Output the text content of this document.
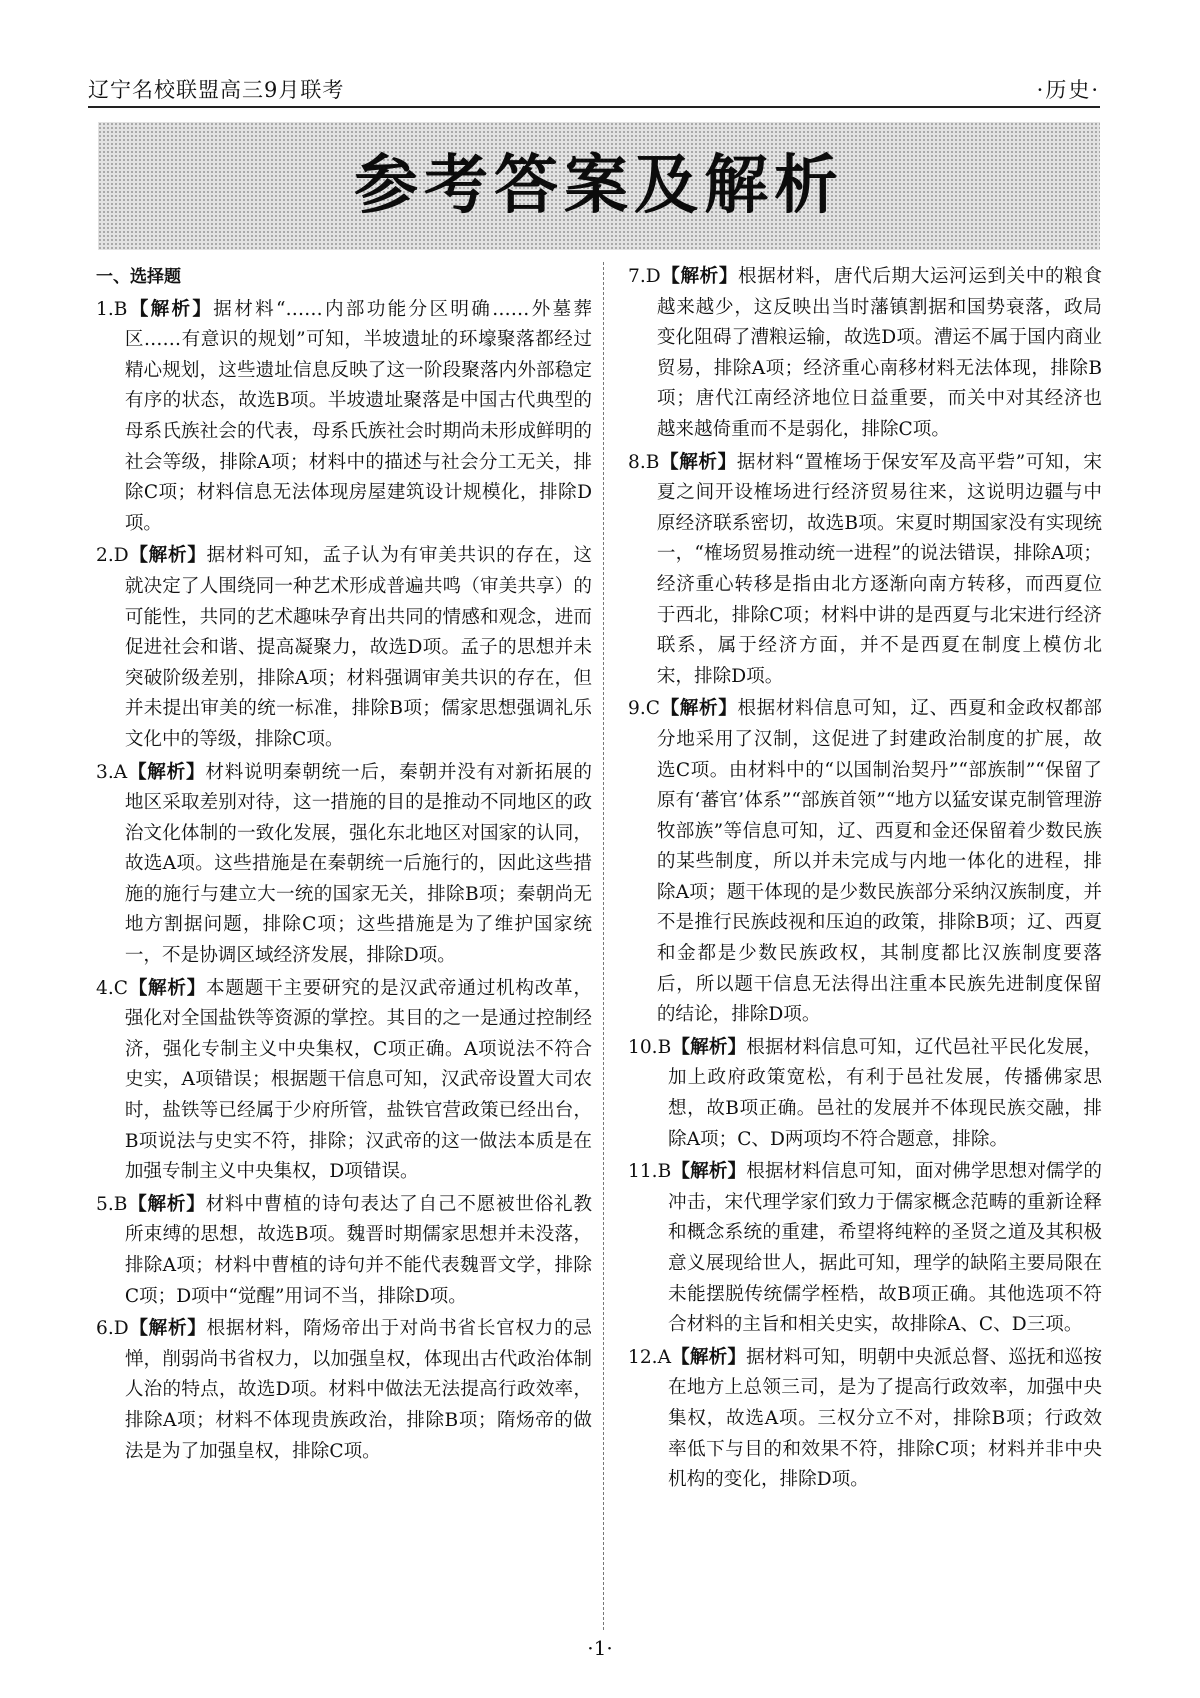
辽宁名校联盟高三9月联考	·历史·
参考答案及解析
一、选择题
1.B【解析】据材料“……内部功能分区明确……外墓葬区……有意识的规划”可知，半坡遗址的环壕聚落都经过精心规划，这些遗址信息反映了这一阶段聚落内外部稳定有序的状态，故选B项。半坡遗址聚落是中国古代典型的母系氏族社会的代表，母系氏族社会时期尚未形成鲜明的社会等级，排除A项；材料中的描述与社会分工无关，排除C项；材料信息无法体现房屋建筑设计规模化，排除D项。
2.D【解析】据材料可知，孟子认为有审美共识的存在，这就决定了人围绕同一种艺术形成普遍共鸣（审美共享）的可能性，共同的艺术趣味孕育出共同的情感和观念，进而促进社会和谐、提高凝聚力，故选D项。孟子的思想并未突破阶级差别，排除A项；材料强调审美共识的存在，但并未提出审美的统一标准，排除B项；儒家思想强调礼乐文化中的等级，排除C项。
3.A【解析】材料说明秦朝统一后，秦朝并没有对新拓展的地区采取差别对待，这一措施的目的是推动不同地区的政治文化体制的一致化发展，强化东北地区对国家的认同，故选A项。这些措施是在秦朝统一后施行的，因此这些措施的施行与建立大一统的国家无关，排除B项；秦朝尚无地方割据问题，排除C项；这些措施是为了维护国家统一，不是协调区域经济发展，排除D项。
4.C【解析】本题题干主要研究的是汉武帝通过机构改革，强化对全国盐铁等资源的掌控。其目的之一是通过控制经济，强化专制主义中央集权，C项正确。A项说法不符合史实，A项错误；根据题干信息可知，汉武帝设置大司农时，盐铁等已经属于少府所管，盐铁官营政策已经出台，B项说法与史实不符，排除；汉武帝的这一做法本质是在加强专制主义中央集权，D项错误。
5.B【解析】材料中曹植的诗句表达了自己不愿被世俗礼教所束缚的思想，故选B项。魏晋时期儒家思想并未没落，排除A项；材料中曹植的诗句并不能代表魏晋文学，排除C项；D项中“觉醒”用词不当，排除D项。
6.D【解析】根据材料，隋炀帝出于对尚书省长官权力的忌惮，削弱尚书省权力，以加强皇权，体现出古代政治体制人治的特点，故选D项。材料中做法无法提高行政效率，排除A项；材料不体现贵族政治，排除B项；隋炀帝的做法是为了加强皇权，排除C项。
7.D【解析】根据材料，唐代后期大运河运到关中的粮食越来越少，这反映出当时藩镇割据和国势衰落，政局变化阻碍了漕粮运输，故选D项。漕运不属于国内商业贸易，排除A项；经济重心南移材料无法体现，排除B项；唐代江南经济地位日益重要，而关中对其经济也越来越倚重而不是弱化，排除C项。
8.B【解析】据材料“置榷场于保安军及高平砦”可知，宋夏之间开设榷场进行经济贸易往来，这说明边疆与中原经济联系密切，故选B项。宋夏时期国家没有实现统一，“榷场贸易推动统一进程”的说法错误，排除A项；经济重心转移是指由北方逐渐向南方转移，而西夏位于西北，排除C项；材料中讲的是西夏与北宋进行经济联系，属于经济方面，并不是西夏在制度上模仿北宋，排除D项。
9.C【解析】根据材料信息可知，辽、西夏和金政权都部分地采用了汉制，这促进了封建政治制度的扩展，故选C项。由材料中的“以国制治契丹”“部族制”“保留了原有‘蕃官’体系”“部族首领”“地方以猛安谋克制管理游牧部族”等信息可知，辽、西夏和金还保留着少数民族的某些制度，所以并未完成与内地一体化的进程，排除A项；题干体现的是少数民族部分采纳汉族制度，并不是推行民族歧视和压迫的政策，排除B项；辽、西夏和金都是少数民族政权，其制度都比汉族制度要落后，所以题干信息无法得出注重本民族先进制度保留的结论，排除D项。
10.B【解析】根据材料信息可知，辽代邑社平民化发展，加上政府政策宽松，有利于邑社发展，传播佛家思想，故B项正确。邑社的发展并不体现民族交融，排除A项；C、D两项均不符合题意，排除。
11.B【解析】根据材料信息可知，面对佛学思想对儒学的冲击，宋代理学家们致力于儒家概念范畴的重新诠释和概念系统的重建，希望将纯粹的圣贤之道及其积极意义展现给世人，据此可知，理学的缺陷主要局限在未能摆脱传统儒学桎梏，故B项正确。其他选项不符合材料的主旨和相关史实，故排除A、C、D三项。
12.A【解析】据材料可知，明朝中央派总督、巡抚和巡按在地方上总领三司，是为了提高行政效率，加强中央集权，故选A项。三权分立不对，排除B项；行政效率低下与目的和效果不符，排除C项；材料并非中央机构的变化，排除D项。
·1·
